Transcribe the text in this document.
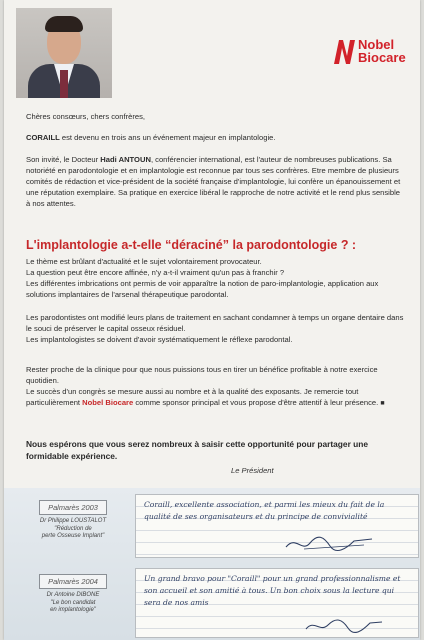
Nobel
Biocare

Chères consœurs, chers confrères,

CORAILL est devenu en trois ans un événement majeur en implantologie.

Son invité, le Docteur Hadi ANTOUN, conférencier international, est l'auteur de nombreuses publications. Sa notoriété en parodontologie et en implantologie est reconnue par tous ses confrères. Etre membre de plusieurs comités de rédaction et vice-président de la société française d'implantologie, lui confère un épanouissement et une réputation exemplaire. Sa pratique en exercice libéral le rapproche de notre activité et le rend plus sensible à nos attentes.

L'implantologie a-t-elle “déraciné” la parodontologie ? :

Le thème est brûlant d'actualité et le sujet volontairement provocateur.

La question peut être encore affinée, n'y a-t-il vraiment qu'un pas à franchir ?

Les différentes imbrications ont permis de voir apparaître la notion de paro-implantologie, application aux solutions implantaires de l'arsenal thérapeutique parodontal.

Les parodontistes ont modifié leurs plans de traitement en sachant condamner à temps un organe dentaire dans le souci de préserver le capital osseux résiduel.

Les implantologistes se doivent d'avoir systématiquement le réflexe parodontal.

Rester proche de la clinique pour que nous puissions tous en tirer un bénéfice profitable à notre exercice quotidien.

Le succès d'un congrès se mesure aussi au nombre et à la qualité des exposants. Je remercie tout particulièrement Nobel Biocare comme sponsor principal et vous propose d'être attentif à leur présence. ■

Nous espérons que vous serez nombreux à saisir cette opportunité pour partager une formidable expérience.
Le Président
Palmarès 2003
Dr Philippe LOUSTALOT
"Réduction de
perte Osseuse Implant"
Coraill, excellente association, et parmi les mieux du fait de la qualité de ses organisateurs et du principe de convivialité
Palmarès 2004
Dr Antoine DIBONE
"Le bon candidat
en implantologie"
Un grand bravo pour "Coraill" pour un grand professionnalisme et son accueil et son amitié à tous. Un bon choix sous la lecture qui sera de nos amis
